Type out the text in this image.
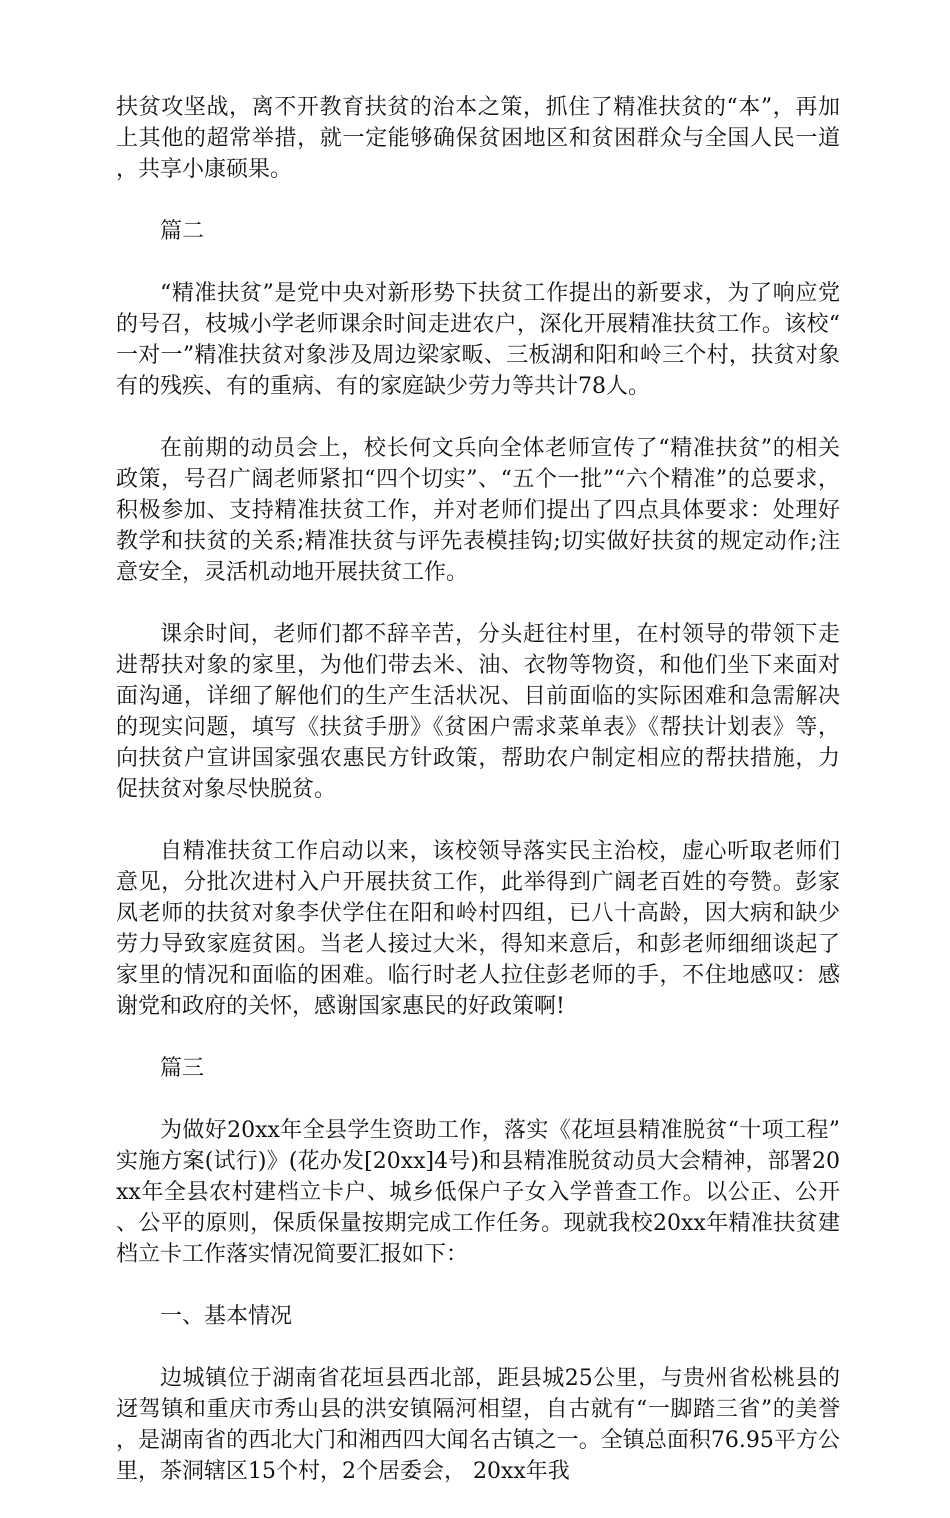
扶贫攻坚战，离不开教育扶贫的治本之策，抓住了精准扶贫的“本”，再加上其他的超常举措，就一定能够确保贫困地区和贫困群众与全国人民一道，共享小康硕果。

篇二

“精准扶贫”是党中央对新形势下扶贫工作提出的新要求，为了响应党的号召，枝城小学老师课余时间走进农户，深化开展精准扶贫工作。该校“一对一”精准扶贫对象涉及周边梁家畈、三板湖和阳和岭三个村，扶贫对象有的残疾、有的重病、有的家庭缺少劳力等共计78人。

在前期的动员会上，校长何文兵向全体老师宣传了“精准扶贫”的相关政策，号召广阔老师紧扣“四个切实”、“五个一批”“六个精准”的总要求，积极参加、支持精准扶贫工作，并对老师们提出了四点具体要求：处理好教学和扶贫的关系;精准扶贫与评先表模挂钩;切实做好扶贫的规定动作;注意安全，灵活机动地开展扶贫工作。

课余时间，老师们都不辞辛苦，分头赶往村里，在村领导的带领下走进帮扶对象的家里，为他们带去米、油、衣物等物资，和他们坐下来面对面沟通，详细了解他们的生产生活状况、目前面临的实际困难和急需解决的现实问题，填写《扶贫手册》《贫困户需求菜单表》《帮扶计划表》等，向扶贫户宣讲国家强农惠民方针政策，帮助农户制定相应的帮扶措施，力促扶贫对象尽快脱贫。

自精准扶贫工作启动以来，该校领导落实民主治校，虚心听取老师们意见，分批次进村入户开展扶贫工作，此举得到广阔老百姓的夸赞。彭家凤老师的扶贫对象李伏学住在阳和岭村四组，已八十高龄，因大病和缺少劳力导致家庭贫困。当老人接过大米，得知来意后，和彭老师细细谈起了家里的情况和面临的困难。临行时老人拉住彭老师的手，不住地感叹：感谢党和政府的关怀，感谢国家惠民的好政策啊!

篇三

为做好20xx年全县学生资助工作，落实《花垣县精准脱贫“十项工程”实施方案(试行)》(花办发[20xx]4号)和县精准脱贫动员大会精神，部署20xx年全县农村建档立卡户、城乡低保户子女入学普查工作。以公正、公开、公平的原则，保质保量按期完成工作任务。现就我校20xx年精准扶贫建档立卡工作落实情况简要汇报如下：

一、基本情况

边城镇位于湖南省花垣县西北部，距县城25公里，与贵州省松桃县的迓驾镇和重庆市秀山县的洪安镇隔河相望，自古就有“一脚踏三省”的美誉，是湖南省的西北大门和湘西四大闻名古镇之一。全镇总面积76.95平方公里，茶洞辖区15个村，2个居委会， 20xx年我
